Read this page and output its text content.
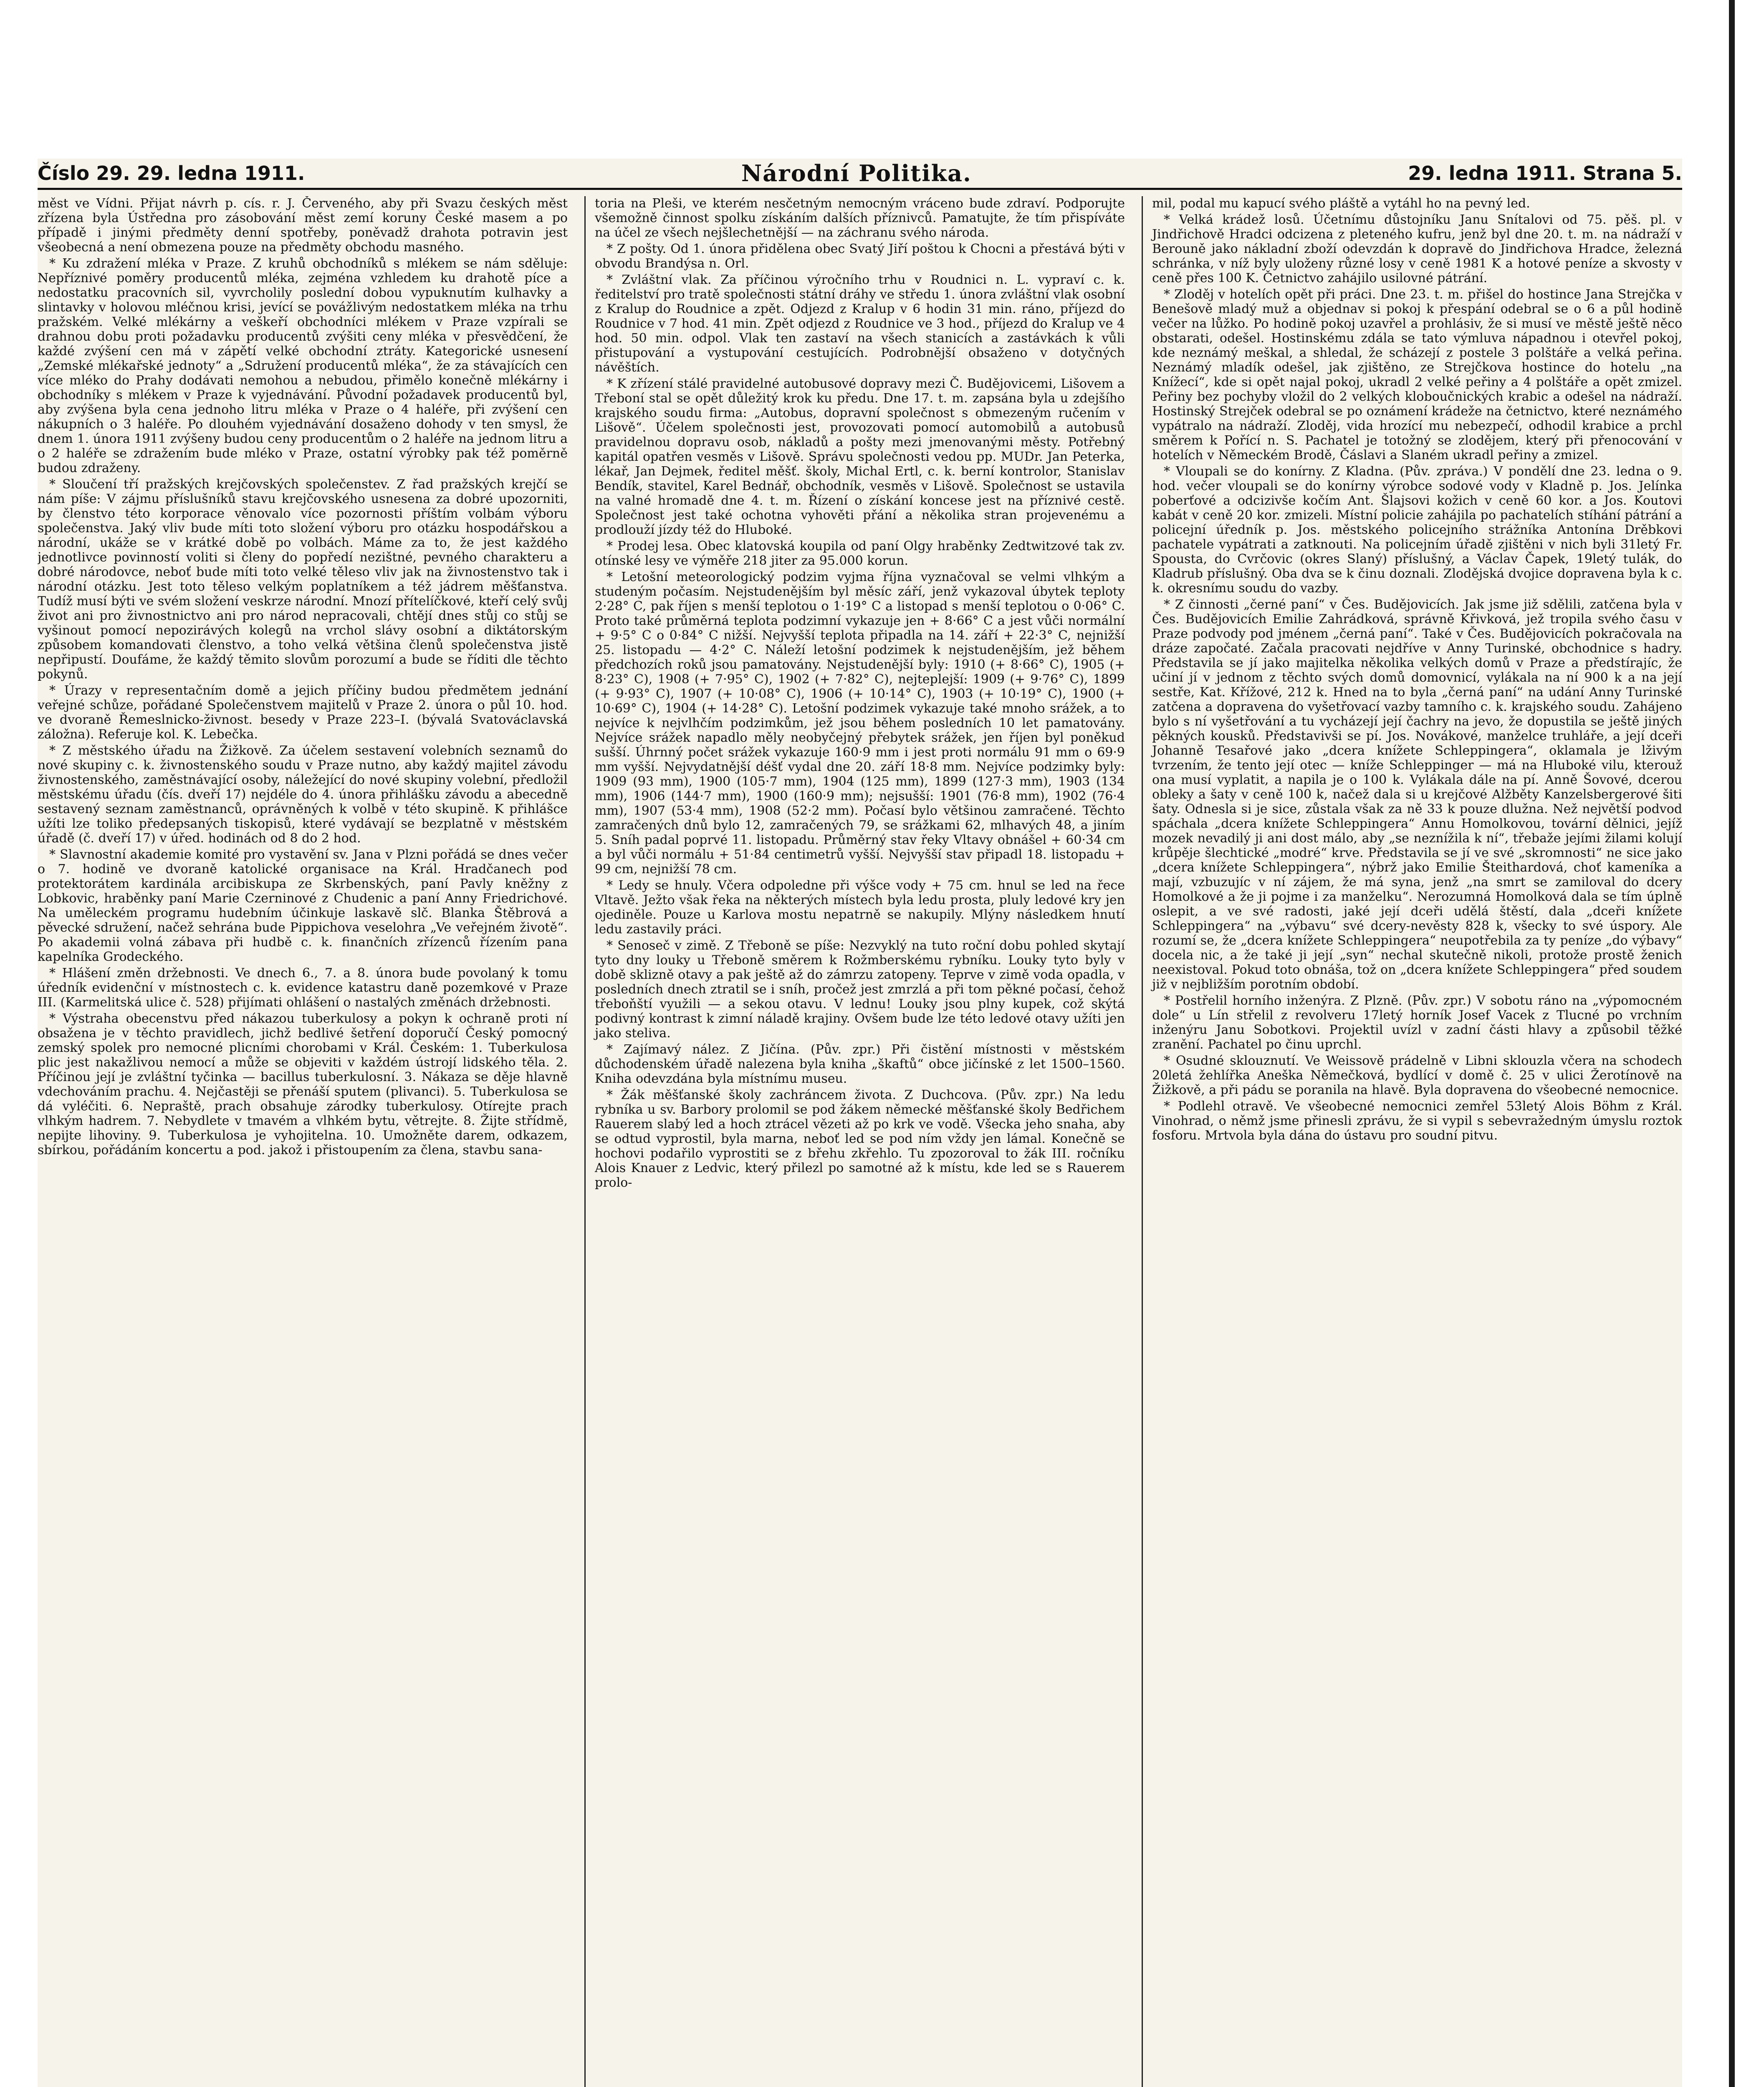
Číslo 29. 29. ledna 1911.	Národní Politika.	29. ledna 1911. Strana 5.

měst ve Vídni. Přijat návrh p. cís. r. J. Červeného, aby při Svazu českých měst zřízena byla Ústředna pro zásobování měst zemí koruny České masem a po případě i jinými předměty denní spotřeby, poněvadž drahota potravin jest všeobecná a není obmezena pouze na předměty obchodu masného.

* Ku zdražení mléka v Praze. Z kruhů obchodníků s mlékem se nám sděluje: Nepříznivé poměry producentů mléka, zejména vzhledem ku drahotě píce a nedostatku pracovních sil, vyvrcholily poslední dobou vypuknutím kulhavky a slintavky v holovou mléčnou krisi, jevící se povážlivým nedostatkem mléka na trhu pražském. Velké mlékárny a veškeří obchodníci mlékem v Praze vzpírali se drahnou dobu proti požadavku producentů zvýšiti ceny mléka v přesvědčení, že každé zvýšení cen má v zápětí velké obchodní ztráty. Kategorické usnesení „Zemské mlékařské jednoty“ a „Sdružení producentů mléka“, že za stávajících cen více mléko do Prahy dodávati nemohou a nebudou, přimělo konečně mlékárny i obchodníky s mlékem v Praze k vyjednávání. Původní požadavek producentů byl, aby zvýšena byla cena jednoho litru mléka v Praze o 4 haléře, při zvýšení cen nákupních o 3 haléře. Po dlouhém vyjednávání dosaženo dohody v ten smysl, že dnem 1. února 1911 zvýšeny budou ceny producentům o 2 haléře na jednom litru a o 2 haléře se zdražením bude mléko v Praze, ostatní výrobky pak též poměrně budou zdraženy.

* Sloučení tří pražských krejčovských společenstev. Z řad pražských krejčí se nám píše: V zájmu příslušníků stavu krejčovského usnesena za dobré upozorniti, by členstvo této korporace věnovalo více pozornosti příštím volbám výboru společenstva. Jaký vliv bude míti toto složení výboru pro otázku hospodářskou a národní, ukáže se v krátké době po volbách. Máme za to, že jest každého jednotlivce povinností voliti si členy do popředí nezištné, pevného charakteru a dobré národovce, neboť bude míti toto velké těleso vliv jak na živnostenstvo tak i národní otázku. Jest toto těleso velkým poplatníkem a též jádrem měšťanstva. Tudíž musí býti ve svém složení veskrze národní. Mnozí přítelíčkové, kteří celý svůj život ani pro živnostnictvo ani pro národ nepracovali, chtějí dnes stůj co stůj se vyšinout pomocí nepozirávých kolegů na vrchol slávy osobní a diktátorským způsobem komandovati členstvo, a toho velká většina členů společenstva jistě nepřipustí. Doufáme, že každý těmito slovům porozumí a bude se říditi dle těchto pokynů.

* Úrazy v representačním domě a jejich příčiny budou předmětem jednání veřejné schůze, pořádané Společenstvem majitelů v Praze 2. února o půl 10. hod. ve dvoraně Řemeslnicko-živnost. besedy v Praze 223–I. (bývalá Svatováclavská záložna). Referuje kol. K. Lebečka.

* Z městského úřadu na Žižkově. Za účelem sestavení volebních seznamů do nové skupiny c. k. živnostenského soudu v Praze nutno, aby každý majitel závodu živnostenského, zaměstnávající osoby, náležející do nové skupiny volební, předložil městskému úřadu (čís. dveří 17) nejdéle do 4. února přihlášku závodu a abecedně sestavený seznam zaměstnanců, oprávněných k volbě v této skupině. K přihlášce užíti lze toliko předepsaných tiskopisů, které vydávají se bezplatně v městském úřadě (č. dveří 17) v úřed. hodinách od 8 do 2 hod.

* Slavnostní akademie komité pro vystavění sv. Jana v Plzni pořádá se dnes večer o 7. hodině ve dvoraně katolické organisace na Král. Hradčanech pod protektorátem kardinála arcibiskupa ze Skrbenských, paní Pavly kněžny z Lobkovic, hraběnky paní Marie Czerninové z Chudenic a paní Anny Friedrichové. Na uměleckém programu hudebním účinkuje laskavě slč. Blanka Štěbrová a pěvecké sdružení, načež sehrána bude Pippichova veselohra „Ve veřejném životě“. Po akademii volná zábava při hudbě c. k. finančních zřízenců řízením pana kapelníka Grodeckého.

* Hlášení změn držebnosti. Ve dnech 6., 7. a 8. února bude povolaný k tomu úředník evidenční v místnostech c. k. evidence katastru daně pozemkové v Praze III. (Karmelitská ulice č. 528) přijímati ohlášení o nastalých změnách držebnosti.

* Výstraha obecenstvu před nákazou tuberkulosy a pokyn k ochraně proti ní obsažena je v těchto pravidlech, jichž bedlivé šetření doporučí Český pomocný zemský spolek pro nemocné plicními chorobami v Král. Českém: 1. Tuberkulosa plic jest nakažlivou nemocí a může se objeviti v každém ústrojí lidského těla. 2. Příčinou její je zvláštní tyčinka — bacillus tuberkulosní. 3. Nákaza se děje hlavně vdechováním prachu. 4. Nejčastěji se přenáší sputem (plivanci). 5. Tuberkulosa se dá vyléčiti. 6. Nepraště, prach obsahuje zárodky tuberkulosy. Otírejte prach vlhkým hadrem. 7. Nebydlete v tmavém a vlhkém bytu, větrejte. 8. Žijte střídmě, nepijte lihoviny. 9. Tuberkulosa je vyhojitelna. 10. Umožněte darem, odkazem, sbírkou, pořádáním koncertu a pod. jakož i přistoupením za člena, stavbu sana-

toria na Pleši, ve kterém nesčetným nemocným vráceno bude zdraví. Podporujte všemožně činnost spolku získáním dalších příznivců. Pamatujte, že tím přispíváte na účel ze všech nejšlechetnější — na záchranu svého národa.

* Z pošty. Od 1. února přidělena obec Svatý Jiří poštou k Chocni a přestává býti v obvodu Brandýsa n. Orl.

* Zvláštní vlak. Za příčinou výročního trhu v Roudnici n. L. vypraví c. k. ředitelství pro tratě společnosti státní dráhy ve středu 1. února zvláštní vlak osobní z Kralup do Roudnice a zpět. Odjezd z Kralup v 6 hodin 31 min. ráno, příjezd do Roudnice v 7 hod. 41 min. Zpět odjezd z Roudnice ve 3 hod., příjezd do Kralup ve 4 hod. 50 min. odpol. Vlak ten zastaví na všech stanicích a zastávkách k vůli přistupování a vystupování cestujících. Podrobnější obsaženo v dotyčných návěštích.

* K zřízení stálé pravidelné autobusové dopravy mezi Č. Budějovicemi, Lišovem a Třeboní stal se opět důležitý krok ku předu. Dne 17. t. m. zapsána byla u zdejšího krajského soudu firma: „Autobus, dopravní společnost s obmezeným ručením v Lišově“. Účelem společnosti jest, provozovati pomocí automobilů a autobusů pravidelnou dopravu osob, nákladů a pošty mezi jmenovanými městy. Potřebný kapitál opatřen vesměs v Lišově. Správu společnosti vedou pp. MUDr. Jan Peterka, lékař, Jan Dejmek, ředitel měšť. školy, Michal Ertl, c. k. berní kontrolor, Stanislav Bendík, stavitel, Karel Bednář, obchodník, vesměs v Lišově. Společnost se ustavila na valné hromadě dne 4. t. m. Řízení o získání koncese jest na příznivé cestě. Společnost jest také ochotna vyhověti přání a několika stran projevenému a prodlouží jízdy též do Hluboké.

* Prodej lesa. Obec klatovská koupila od paní Olgy hraběnky Zedtwitzové tak zv. otínské lesy ve výměře 218 jiter za 95.000 korun.

* Letošní meteorologický podzim vyjma října vyznačoval se velmi vlhkým a studeným počasím. Nejstudenějším byl měsíc září, jenž vykazoval úbytek teploty 2·28° C, pak říjen s menší teplotou o 1·19° C a listopad s menší teplotou o 0·06° C. Proto také průměrná teplota podzimní vykazuje jen + 8·66° C a jest vůči normální + 9·5° C o 0·84° C nižší. Nejvyšší teplota připadla na 14. září + 22·3° C, nejnižší 25. listopadu — 4·2° C. Náleží letošní podzimek k nejstudenějším, jež během předchozích roků jsou pamatovány. Nejstudenější byly: 1910 (+ 8·66° C), 1905 (+ 8·23° C), 1908 (+ 7·95° C), 1902 (+ 7·82° C), nejteplejší: 1909 (+ 9·76° C), 1899 (+ 9·93° C), 1907 (+ 10·08° C), 1906 (+ 10·14° C), 1903 (+ 10·19° C), 1900 (+ 10·69° C), 1904 (+ 14·28° C). Letošní podzimek vykazuje také mnoho srážek, a to nejvíce k nejvlhčím podzimkům, jež jsou během posledních 10 let pamatovány. Nejvíce srážek napadlo měly neobyčejný přebytek srážek, jen říjen byl poněkud sušší. Úhrnný počet srážek vykazuje 160·9 mm i jest proti normálu 91 mm o 69·9 mm vyšší. Nejvydatnější déšť vydal dne 20. září 18·8 mm. Nejvíce podzimky byly: 1909 (93 mm), 1900 (105·7 mm), 1904 (125 mm), 1899 (127·3 mm), 1903 (134 mm), 1906 (144·7 mm), 1900 (160·9 mm); nejsušší: 1901 (76·8 mm), 1902 (76·4 mm), 1907 (53·4 mm), 1908 (52·2 mm). Počasí bylo většinou zamračené. Těchto zamračených dnů bylo 12, zamračených 79, se srážkami 62, mlhavých 48, a jiním 5. Sníh padal poprvé 11. listopadu. Průměrný stav řeky Vltavy obnášel + 60·34 cm a byl vůči normálu + 51·84 centimetrů vyšší. Nejvyšší stav připadl 18. listopadu + 99 cm, nejnižší 78 cm.

* Ledy se hnuly. Včera odpoledne při výšce vody + 75 cm. hnul se led na řece Vltavě. Ježto však řeka na některých místech byla ledu prosta, pluly ledové kry jen ojediněle. Pouze u Karlova mostu nepatrně se nakupily. Mlýny následkem hnutí ledu zastavily práci.

* Senoseč v zimě. Z Třeboně se píše: Nezvyklý na tuto roční dobu pohled skytají tyto dny louky u Třeboně směrem k Rožmberskému rybníku. Louky tyto byly v době sklizně otavy a pak ještě až do zámrzu zatopeny. Teprve v zimě voda opadla, v posledních dnech ztratil se i sníh, pročež jest zmrzlá a při tom pěkné počasí, čehož třeboňští využili — a sekou otavu. V lednu! Louky jsou plny kupek, což skýtá podivný kontrast k zimní náladě krajiny. Ovšem bude lze této ledové otavy užíti jen jako steliva.

* Zajímavý nález. Z Jičína. (Pův. zpr.) Při čistění místnosti v městském důchodenském úřadě nalezena byla kniha „škaftů“ obce jičínské z let 1500–1560. Kniha odevzdána byla místnímu museu.

* Žák měšťanské školy zachráncem života. Z Duchcova. (Pův. zpr.) Na ledu rybníka u sv. Barbory prolomil se pod žákem německé měšťanské školy Bedřichem Rauerem slabý led a hoch ztrácel vězeti až po krk ve vodě. Všecka jeho snaha, aby se odtud vyprostil, byla marna, neboť led se pod ním vždy jen lámal. Konečně se hochovi podařilo vyprostiti se z břehu zkřehlo. Tu zpozoroval to žák III. ročníku Alois Knauer z Ledvic, který přilezl po samotné až k místu, kde led se s Rauerem prolo-

mil, podal mu kapucí svého pláště a vytáhl ho na pevný led.

* Velká krádež losů. Účetnímu důstojníku Janu Snítalovi od 75. pěš. pl. v Jindřichově Hradci odcizena z pleteného kufru, jenž byl dne 20. t. m. na nádraží v Berouně jako nákladní zboží odevzdán k dopravě do Jindřichova Hradce, železná schránka, v níž byly uloženy různé losy v ceně 1981 K a hotové peníze a skvosty v ceně přes 100 K. Četnictvo zahájilo usilovné pátrání.

* Zloděj v hotelích opět při práci. Dne 23. t. m. přišel do hostince Jana Strejčka v Benešově mladý muž a objednav si pokoj k přespání odebral se o 6 a půl hodině večer na lůžko. Po hodině pokoj uzavřel a prohlásiv, že si musí ve městě ještě něco obstarati, odešel. Hostinskému zdála se tato výmluva nápadnou i otevřel pokoj, kde neznámý meškal, a shledal, že scházejí z postele 3 polštáře a velká peřina. Neznámý mladík odešel, jak zjištěno, ze Strejčkova hostince do hotelu „na Knížecí“, kde si opět najal pokoj, ukradl 2 velké peřiny a 4 polštáře a opět zmizel. Peřiny bez pochyby vložil do 2 velkých kloboučnických krabic a odešel na nádraží. Hostinský Strejček odebral se po oznámení krádeže na četnictvo, které neznámého vypátralo na nádraží. Zloděj, vida hrozící mu nebezpečí, odhodil krabice a prchl směrem k Pořící n. S. Pachatel je totožný se zlodějem, který při přenocování v hotelích v Německém Brodě, Čáslavi a Slaném ukradl peřiny a zmizel.

* Vloupali se do konírny. Z Kladna. (Pův. zpráva.) V pondělí dne 23. ledna o 9. hod. večer vloupali se do konírny výrobce sodové vody v Kladně p. Jos. Jelínka poberťové a odcizivše kočím Ant. Šlajsovi kožich v ceně 60 kor. a Jos. Koutovi kabát v ceně 20 kor. zmizeli. Místní policie zahájila po pachatelích stíhání pátrání a policejní úředník p. Jos. městského policejního strážníka Antonína Drěbkovi pachatele vypátrati a zatknouti. Na policejním úřadě zjištěni v nich byli 31letý Fr. Spousta, do Cvrčovic (okres Slaný) příslušný, a Václav Čapek, 19letý tulák, do Kladrub příslušný. Oba dva se k činu doznali. Zlodějská dvojice dopravena byla k c. k. okresnímu soudu do vazby.

* Z činnosti „černé paní“ v Čes. Budějovicích. Jak jsme již sdělili, zatčena byla v Čes. Budějovicích Emilie Zahrádková, správně Křivková, jež tropila svého času v Praze podvody pod jménem „černá paní“. Také v Čes. Budějovicích pokračovala na dráze započaté. Začala pracovati nejdříve v Anny Turinské, obchodnice s hadry. Představila se jí jako majitelka několika velkých domů v Praze a předstírajíc, že učiní jí v jednom z těchto svých domů domovnicí, vylákala na ní 900 k a na její sestře, Kat. Křížové, 212 k. Hned na to byla „černá paní“ na udání Anny Turinské zatčena a dopravena do vyšetřovací vazby tamního c. k. krajského soudu. Zahájeno bylo s ní vyšetřování a tu vycházejí její čachry na jevo, že dopustila se ještě jiných pěkných kousků. Představivši se pí. Jos. Novákové, manželce truhláře, a její dceři Johanně Tesařové jako „dcera knížete Schleppingera“, oklamala je lživým tvrzením, že tento její otec — kníže Schleppinger — má na Hluboké vilu, kterouž ona musí vyplatit, a napila je o 100 k. Vylákala dále na pí. Anně Šovové, dcerou obleky a šaty v ceně 100 k, načež dala si u krejčové Alžběty Kanzelsbergerové šiti šaty. Odnesla si je sice, zůstala však za ně 33 k pouze dlužna. Než největší podvod spáchala „dcera knížete Schleppingera“ Annu Homolkovou, tovární dělnici, jejíž mozek nevadilý ji ani dost málo, aby „se neznížila k ní“, třebaže jejími žilami kolují krůpěje šlechtické „modré“ krve. Představila se jí ve své „skromnosti“ ne sice jako „dcera knížete Schleppingera“, nýbrž jako Emilie Šteithardová, choť kameníka a mají, vzbuzujíc v ní zájem, že má syna, jenž „na smrt se zamiloval do dcery Homolkové a že ji pojme i za manželku“. Nerozumná Homolková dala se tím úplně oslepit, a ve své radosti, jaké její dceři udělá štěstí, dala „dceři knížete Schleppingera“ na „výbavu“ své dcery-nevěsty 828 k, všecky to své úspory. Ale rozumí se, že „dcera knížete Schleppingera“ neupotřebila za ty peníze „do výbavy“ docela nic, a že také ji její „syn“ nechal skutečně nikoli, protože prostě ženich neexistoval. Pokud toto obnáša, tož on „dcera knížete Schleppingera“ před soudem již v nejbližším porotním období.

* Postřelil horního inženýra. Z Plzně. (Pův. zpr.) V sobotu ráno na „výpomocném dole“ u Lín střelil z revolveru 17letý horník Josef Vacek z Tlucné po vrchním inženýru Janu Sobotkovi. Projektil uvízl v zadní části hlavy a způsobil těžké zranění. Pachatel po činu uprchl.

* Osudné sklouznutí. Ve Weissově prádelně v Libni sklouzla včera na schodech 20letá žehlířka Aneška Němečková, bydlící v domě č. 25 v ulici Žerotínově na Žižkově, a při pádu se poranila na hlavě. Byla dopravena do všeobecné nemocnice.

* Podlehl otravě. Ve všeobecné nemocnici zemřel 53letý Alois Böhm z Král. Vinohrad, o němž jsme přinesli zprávu, že si vypil s sebevražedným úmyslu roztok fosforu. Mrtvola byla dána do ústavu pro soudní pitvu.
